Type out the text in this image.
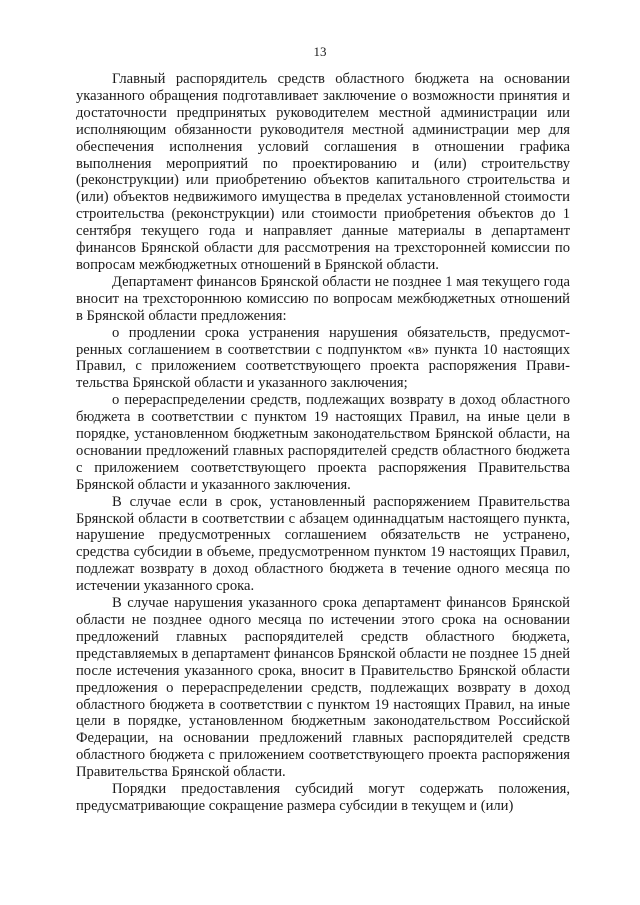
13

Главный распорядитель средств областного бюджета на основании указанного обращения подготавливает заключение о возможности принятия и достаточности предпринятых руководителем местной администрации или исполняющим обязанности руководителя местной администрации мер для обеспечения исполнения условий соглашения в отношении графика выполнения мероприятий по проектированию и (или) строительству (реконструкции) или приобретению объектов капитального строительства и (или) объектов недвижимого имущества в пределах установленной стоимости строительства (реконструкции) или стоимости приобретения объектов до 1 сентября текущего года и направляет данные материалы в департамент финансов Брянской области для рассмотрения на трехсторонней комиссии по вопросам межбюджетных отношений в Брянской области.

Департамент финансов Брянской области не позднее 1 мая текущего года вносит на трехстороннюю комиссию по вопросам межбюджетных отношений в Брянской области предложения:

о продлении срока устранения нарушения обязательств, предусмотренных соглашением в соответствии с подпунктом «в» пункта 10 настоящих Правил, с приложением соответствующего проекта распоряжения Правительства Брянской области и указанного заключения;

о перераспределении средств, подлежащих возврату в доход областного бюджета в соответствии с пунктом 19 настоящих Правил, на иные цели в порядке, установленном бюджетным законодательством Брянской области, на основании предложений главных распорядителей средств областного бюджета с приложением соответствующего проекта распоряжения Правительства Брянской области и указанного заключения.

В случае если в срок, установленный распоряжением Правительства Брянской области в соответствии с абзацем одиннадцатым настоящего пункта, нарушение предусмотренных соглашением обязательств не устранено, средства субсидии в объеме, предусмотренном пунктом 19 настоящих Правил, подлежат возврату в доход областного бюджета в течение одного месяца по истечении указанного срока.

В случае нарушения указанного срока департамент финансов Брянской области не позднее одного месяца по истечении этого срока на основании предложений главных распорядителей средств областного бюджета, представляемых в департамент финансов Брянской области не позднее 15 дней после истечения указанного срока, вносит в Правительство Брянской области предложения о перераспределении средств, подлежащих возврату в доход областного бюджета в соответствии с пунктом 19 настоящих Правил, на иные цели в порядке, установленном бюджетным законодательством Российской Федерации, на основании предложений главных распорядителей средств областного бюджета с приложением соответствующего проекта распоряжения Правительства Брянской области.

Порядки предоставления субсидий могут содержать положения, предусматривающие сокращение размера субсидии в текущем и (или)
